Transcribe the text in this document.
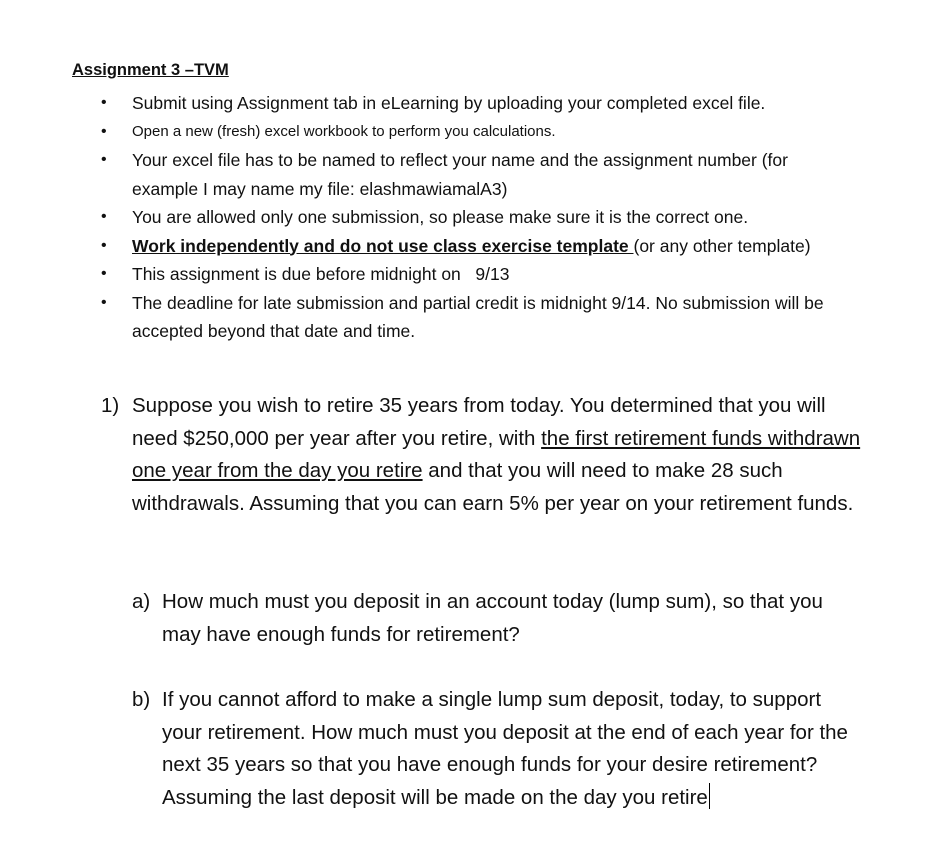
Assignment 3 –TVM
• Submit using Assignment tab in eLearning by uploading your completed excel file.
• Open a new (fresh) excel workbook to perform you calculations.
• Your excel file has to be named to reflect your name and the assignment number (for example I may name my file: elashmawiamalA3)
• You are allowed only one submission, so please make sure it is the correct one.
• Work independently and do not use class exercise template (or any other template)
• This assignment is due before midnight on   9/13
• The deadline for late submission and partial credit is midnight 9/14. No submission will be accepted beyond that date and time.
1) Suppose you wish to retire 35 years from today. You determined that you will need $250,000 per year after you retire, with the first retirement funds withdrawn one year from the day you retire and that you will need to make 28 such withdrawals. Assuming that you can earn 5% per year on your retirement funds.
a) How much must you deposit in an account today (lump sum), so that you may have enough funds for retirement?
b) If you cannot afford to make a single lump sum deposit, today, to support your retirement. How much must you deposit at the end of each year for the next 35 years so that you have enough funds for your desire retirement? Assuming the last deposit will be made on the day you retire
